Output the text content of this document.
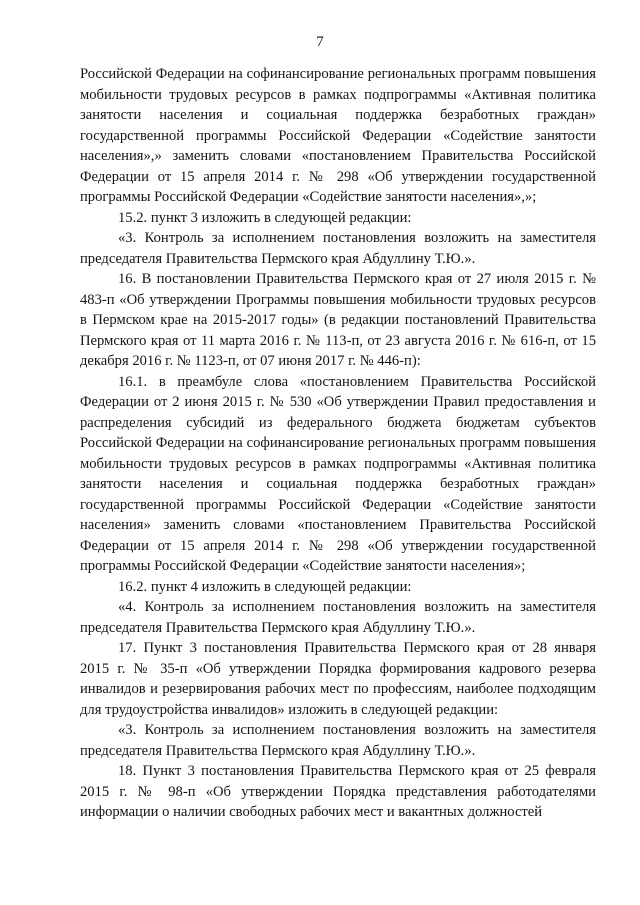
7

Российской Федерации на софинансирование региональных программ повышения мобильности трудовых ресурсов в рамках подпрограммы «Активная политика занятости населения и социальная поддержка безработных граждан» государственной программы Российской Федерации «Содействие занятости населения»,» заменить словами «постановлением Правительства Российской Федерации от 15 апреля 2014 г. № 298 «Об утверждении государственной программы Российской Федерации «Содействие занятости населения»,»;

15.2. пункт 3 изложить в следующей редакции:

«3. Контроль за исполнением постановления возложить на заместителя председателя Правительства Пермского края Абдуллину Т.Ю.».

16. В постановлении Правительства Пермского края от 27 июля 2015 г. № 483-п «Об утверждении Программы повышения мобильности трудовых ресурсов в Пермском крае на 2015-2017 годы» (в редакции постановлений Правительства Пермского края от 11 марта 2016 г. № 113-п, от 23 августа 2016 г. № 616-п, от 15 декабря 2016 г. № 1123-п, от 07 июня 2017 г. № 446-п):

16.1. в преамбуле слова «постановлением Правительства Российской Федерации от 2 июня 2015 г. № 530 «Об утверждении Правил предоставления и распределения субсидий из федерального бюджета бюджетам субъектов Российской Федерации на софинансирование региональных программ повышения мобильности трудовых ресурсов в рамках подпрограммы «Активная политика занятости населения и социальная поддержка безработных граждан» государственной программы Российской Федерации «Содействие занятости населения» заменить словами «постановлением Правительства Российской Федерации от 15 апреля 2014 г. № 298 «Об утверждении государственной программы Российской Федерации «Содействие занятости населения»;

16.2. пункт 4 изложить в следующей редакции:

«4. Контроль за исполнением постановления возложить на заместителя председателя Правительства Пермского края Абдуллину Т.Ю.».

17. Пункт 3 постановления Правительства Пермского края от 28 января 2015 г. № 35-п «Об утверждении Порядка формирования кадрового резерва инвалидов и резервирования рабочих мест по профессиям, наиболее подходящим для трудоустройства инвалидов» изложить в следующей редакции:

«3. Контроль за исполнением постановления возложить на заместителя председателя Правительства Пермского края Абдуллину Т.Ю.».

18. Пункт 3 постановления Правительства Пермского края от 25 февраля 2015 г. № 98-п «Об утверждении Порядка представления работодателями информации о наличии свободных рабочих мест и вакантных должностей
